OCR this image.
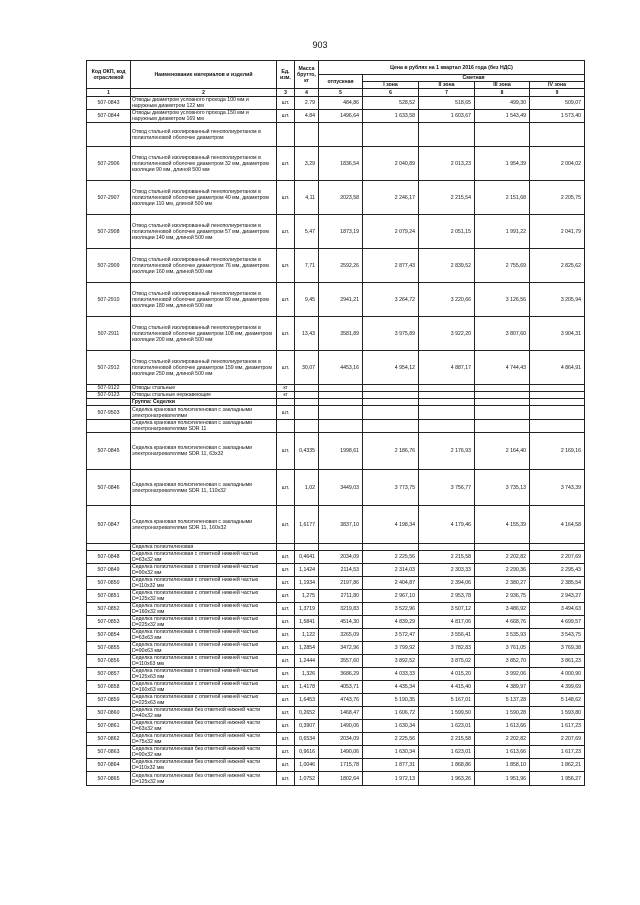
903
Код ОКП, код отраслевой	Наименование материалов и изделий	Ед. изм.	Масса брутто, кг	Цена в рублях на 1 квартал 2016 года (без НДС)				
				отпускная	Сметная			
					I зона	II зона	III зона	IV зона
1	2	3	4	5	6	7	8	9
507-0843	Отводы диаметром условного прохода 100 мм и наружным диаметром 122 мм	шт.	2.79	484,86	528,52	518,65	499,30	509,07
507-0844	Отводы диаметром условного прохода 150 мм и наружным диаметром 169 мм	шт.	4.84	1496,64	1 633,58	1 603,67	1 543,49	1 573,40
	Отвод стальной изолированный пенополиуретаном в полиэтиленовой оболочке диаметром							
507-2906	Отвод стальной изолированный пенополиуретаном в полиэтиленовой оболочке диаметром 32 мм, диаметром изоляции 90 мм, длиной 500 мм	шт.	3,29	1836,54	2 040,89	2 013,23	1 954,39	2 004,02
507-2907	Отвод стальной изолированный пенополиуретаном в полиэтиленовой оболочке диаметром 40 мм, диаметром изоляции 110 мм, длиной 500 мм	шт.	4,11	2023,58	2 246,17	2 215,54	2 151,68	2 205,75
507-2908	Отвод стальной изолированный пенополиуретаном в полиэтиленовой оболочке диаметром 57 мм, диаметром изоляции 140 мм, длиной 500 мм	шт.	5,47	1873,19	2 079,24	2 051,15	1 991,22	2 041,79
507-2909	Отвод стальной изолированный пенополиуретаном в полиэтиленовой оболочке диаметром 76 мм, диаметром изоляции 160 мм, длиной 500 мм	шт.	7,71	2592,26	2 877,43	2 839,52	2 755,69	2 825,62
507-2910	Отвод стальной изолированный пенополиуретаном в полиэтиленовой оболочке диаметром 89 мм, диаметром изоляции 180 мм, длиной 500 мм	шт.	9,45	2941,21	3 264,72	3 220,66	3 126,56	3 205,94
507-2911	Отвод стальной изолированный пенополиуретаном в полиэтиленовой оболочке диаметром 108 мм, диаметром изоляции 200 мм, длиной 500 мм	шт.	13,43	3581,89	3 975,89	3 922,20	3 807,60	3 904,31
507-2912	Отвод стальной изолированный пенополиуретаном в полиэтиленовой оболочке диаметром 159 мм, диаметром изоляции 250 мм, длиной 500 мм	шт.	30,07	4453,16	4 954,12	4 887,17	4 744,43	4 864,91
507-9122	Отводы стальные	кг						
507-9123	Отводы стальные нержавеющие	кг						
	Группа: Седелки							
507-9503	Седелка крановая полиэтиленовая с закладными электронагревателями	шт.						
	Седелка крановая полиэтиленовая с закладными электронагревателями SDR 11							
507-0845	Седелка крановая полиэтиленовая с закладными электронагревателями SDR 11, 63х32	шт.	0,4335	1998,61	2 186,76	2 176,93	2 164,40	2 169,16
507-0846	Седелка крановая полиэтиленовая с закладными электронагревателями SDR 11, 110х32	шт.	1,02	3449,03	3 773,75	3 756,77	3 735,13	3 743,39
507-0847	Седелка крановая полиэтиленовая с закладными электронагревателями SDR 11, 160х32	шт.	1,6177	3837,10	4 198,34	4 179,46	4 155,39	4 164,58
	Седелка полиэтиленовая							
507-0848	Седелка полиэтиленовая с ответной нижней частью D=63х32 мм	шт.	0,4641	2034,09	2 225,56	2 215,58	2 202,82	2 207,69
507-0849	Седелка полиэтиленовая с ответной нижней частью D=90х32 мм	шт.	1,1424	2114,53	2 314,03	2 303,33	2 290,36	2 295,43
507-0850	Седелка полиэтиленовая с ответной нижней частью D=110х32 мм	шт.	1,1934	2197,86	2 404,87	2 394,06	2 380,27	2 385,54
507-0851	Седелка полиэтиленовая с ответной нижней частью D=125х32 мм	шт.	1,275	2711,80	2 967,10	2 953,78	2 936,75	2 943,27
507-0852	Седелка полиэтиленовая с ответной нижней частью D=160х32 мм	шт.	1,3719	3219,83	3 522,96	3 507,12	3 486,92	3 494,63
507-0853	Седелка полиэтиленовая с ответной нижней частью D=225х32 мм	шт.	1,5841	4514,30	4 839,29	4 817,06	4 668,76	4 699,57
507-0854	Седелка полиэтиленовая с ответной нижней частью D=63х63 мм	шт.	1,122	3265,09	3 572,47	3 556,41	3 535,93	3 543,75
507-0855	Седелка полиэтиленовая с ответной нижней частью D=90х63 мм	шт.	1,2854	3472,96	3 799,92	3 782,83	3 761,05	3 769,38
507-0856	Седелка полиэтиленовая с ответной нижней частью D=110х63 мм	шт.	1,2444	3557,60	3 892,52	3 875,02	3 852,70	3 861,23
507-0857	Седелка полиэтиленовая с ответной нижней частью D=125х63 мм	шт.	1,326	3686,29	4 033,33	4 015,20	3 992,06	4 000,90
507-0858	Седелка полиэтиленовая с ответной нижней частью D=160х63 мм	шт.	1,4178	4053,71	4 435,34	4 415,40	4 389,97	4 399,69
507-0859	Седелка полиэтиленовая с ответной нижней частью D=225х63 мм	шт.	1,6453	4743,76	5 190,35	5 167,01	5 137,28	5 148,62
507-0860	Седелка полиэтиленовая без ответной нижней части D=40х32 мм	шт.	0,2652	1468,47	1 606,72	1 599,50	1 590,28	1 593,80
507-0861	Седелка полиэтиленовая без ответной нижней части D=63х32 мм	шт.	0,3907	1490,06	1 630,34	1 623,01	1 613,66	1 617,23
507-0862	Седелка полиэтиленовая без ответной нижней части D=75х32 мм	шт.	0,6534	2034,09	2 225,56	2 215,58	2 202,82	2 207,69
507-0863	Седелка полиэтиленовая без ответной нижней части D=90х32 мм	шт.	0,9616	1490,06	1 630,34	1 623,01	1 613,66	1 617,23
507-0864	Седелка полиэтиленовая без ответной нижней части D=110х32 мм	шт.	1,0046	1715,78	1 877,31	1 868,86	1 858,10	1 862,21
507-0865	Седелка полиэтиленовая без ответной нижней части D=125х32 мм	шт.	1,0752	1802,64	1 972,13	1 963,26	1 951,96	1 956,27
